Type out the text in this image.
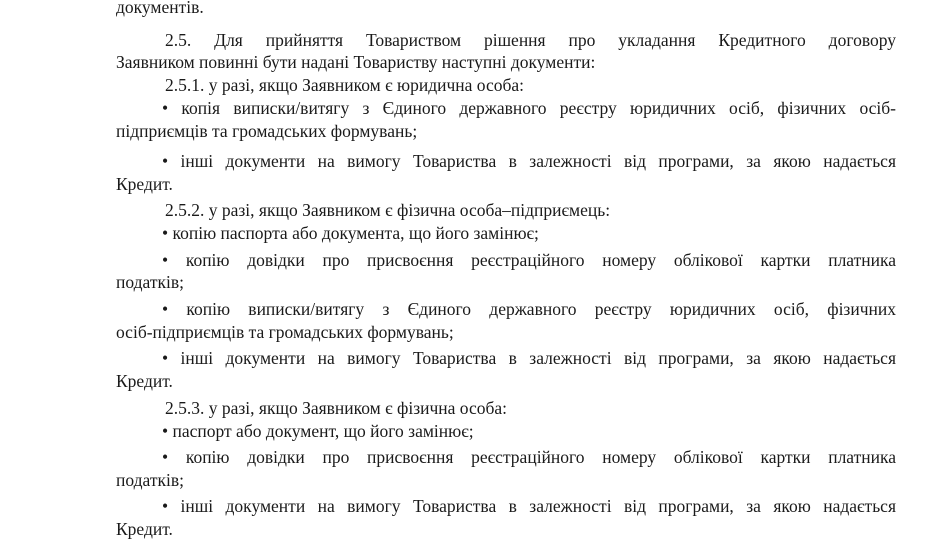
документів.
2.5. Для прийняття Товариством рішення про укладання Кредитного договору
Заявником повинні бути надані Товариству наступні документи:
2.5.1. у разі, якщо Заявником є юридична особа:
• копія виписки/витягу з Єдиного державного реєстру юридичних осіб, фізичних осіб-
підприємців та громадських формувань;
• інші документи на вимогу Товариства в залежності від програми, за якою надається
Кредит.
2.5.2. у разі, якщо Заявником є фізична особа–підприємець:
• копію паспорта або документа, що його замінює;
• копію довідки про присвоєння реєстраційного номеру облікової картки платника
податків;
• копію виписки/витягу з Єдиного державного реєстру юридичних осіб, фізичних
осіб-підприємців та громадських формувань;
• інші документи на вимогу Товариства в залежності від програми, за якою надається
Кредит.
2.5.3. у разі, якщо Заявником є фізична особа:
• паспорт або документ, що його замінює;
• копію довідки про присвоєння реєстраційного номеру облікової картки платника
податків;
• інші документи на вимогу Товариства в залежності від програми, за якою надається
Кредит.
